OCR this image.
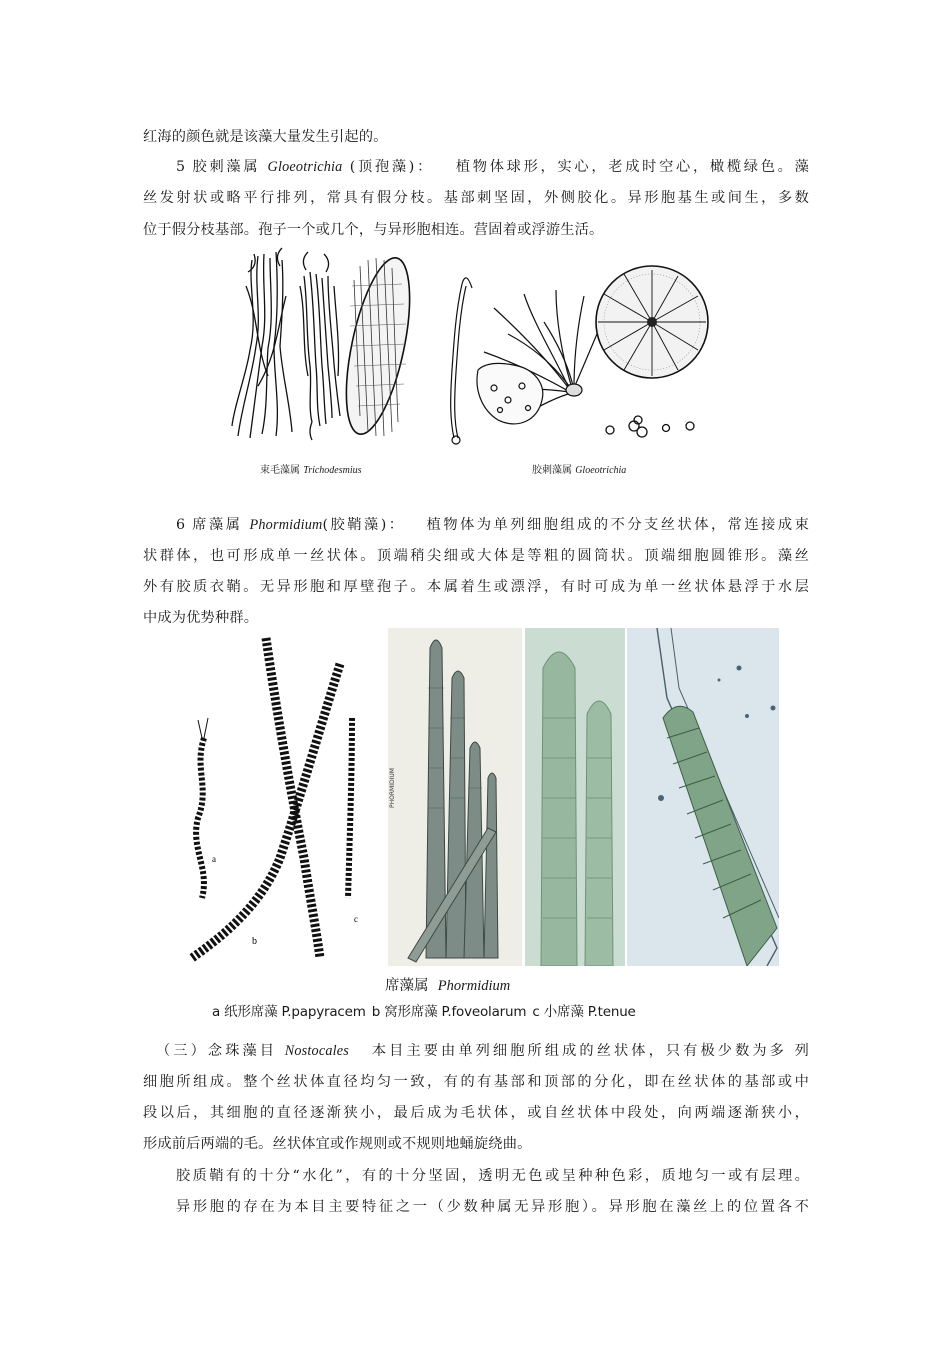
红海的颜色就是该藻大量发生引起的。
5 胶刺藻属 Gloeotrichia (顶孢藻)： 植物体球形，实心，老成时空心，橄榄绿色。藻
丝发射状或略平行排列，常具有假分枝。基部刺坚固，外侧胶化。异形胞基生或间生，多数
位于假分枝基部。孢子一个或几个，与异形胞相连。营固着或浮游生活。
束毛藻属 Trichodesmius	胶刺藻属 Gloeotrichia
6 席藻属 Phormidium(胶鞘藻)： 植物体为单列细胞组成的不分支丝状体，常连接成束
状群体，也可形成单一丝状体。顶端稍尖细或大体是等粗的圆筒状。顶端细胞圆锥形。藻丝
外有胶质衣鞘。无异形胞和厚壁孢子。本属着生或漂浮，有时可成为单一丝状体悬浮于水层
中成为优势种群。
a
b
c
PHORMIDIUM
席藻属 Phormidium
a 纸形席藻 P.papyracem b 窝形席藻 P.foveolarum c 小席藻 P.tenue
（三）念珠藻目 Nostocales 本目主要由单列细胞所组成的丝状体，只有极少数为多 列
细胞所组成。整个丝状体直径均匀一致，有的有基部和顶部的分化，即在丝状体的基部或中
段以后，其细胞的直径逐渐狭小，最后成为毛状体，或自丝状体中段处，向两端逐渐狭小，
形成前后两端的毛。丝状体宜或作规则或不规则地蛹旋绕曲。
胶质鞘有的十分“水化”，有的十分坚固，透明无色或呈种种色彩，质地匀一或有层理。
异形胞的存在为本目主要特征之一（少数种属无异形胞）。异形胞在藻丝上的位置各不
